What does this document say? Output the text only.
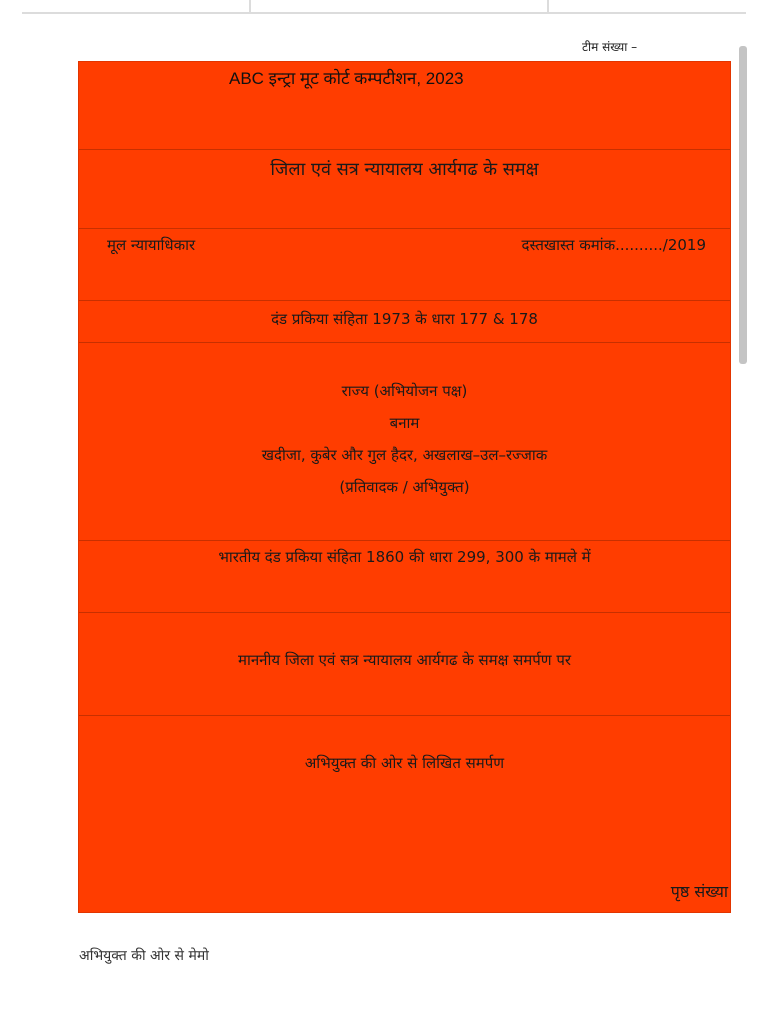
टीम संख्या –
ABC इन्ट्रा मूट कोर्ट कम्पटीशन, 2023
जिला एवं सत्र न्यायालय आर्यगढ के समक्ष
मूल न्यायाधिकार	दस्तखास्त कमांक........../2019
दंड प्रकिया संहिता 1973 के धारा 177 & 178
राज्य (अभियोजन पक्ष)
बनाम
खदीजा, कुबेर और गुल हैदर, अखलाख–उल–रज्जाक
(प्रतिवादक / अभियुक्त)
भारतीय दंड प्रकिया संहिता 1860 की धारा 299, 300 के मामले में
माननीय जिला एवं सत्र न्यायालय आर्यगढ के समक्ष समर्पण पर
अभियुक्त की ओर से लिखित समर्पण
पृष्ठ संख्या
अभियुक्त की ओर से मेमो
